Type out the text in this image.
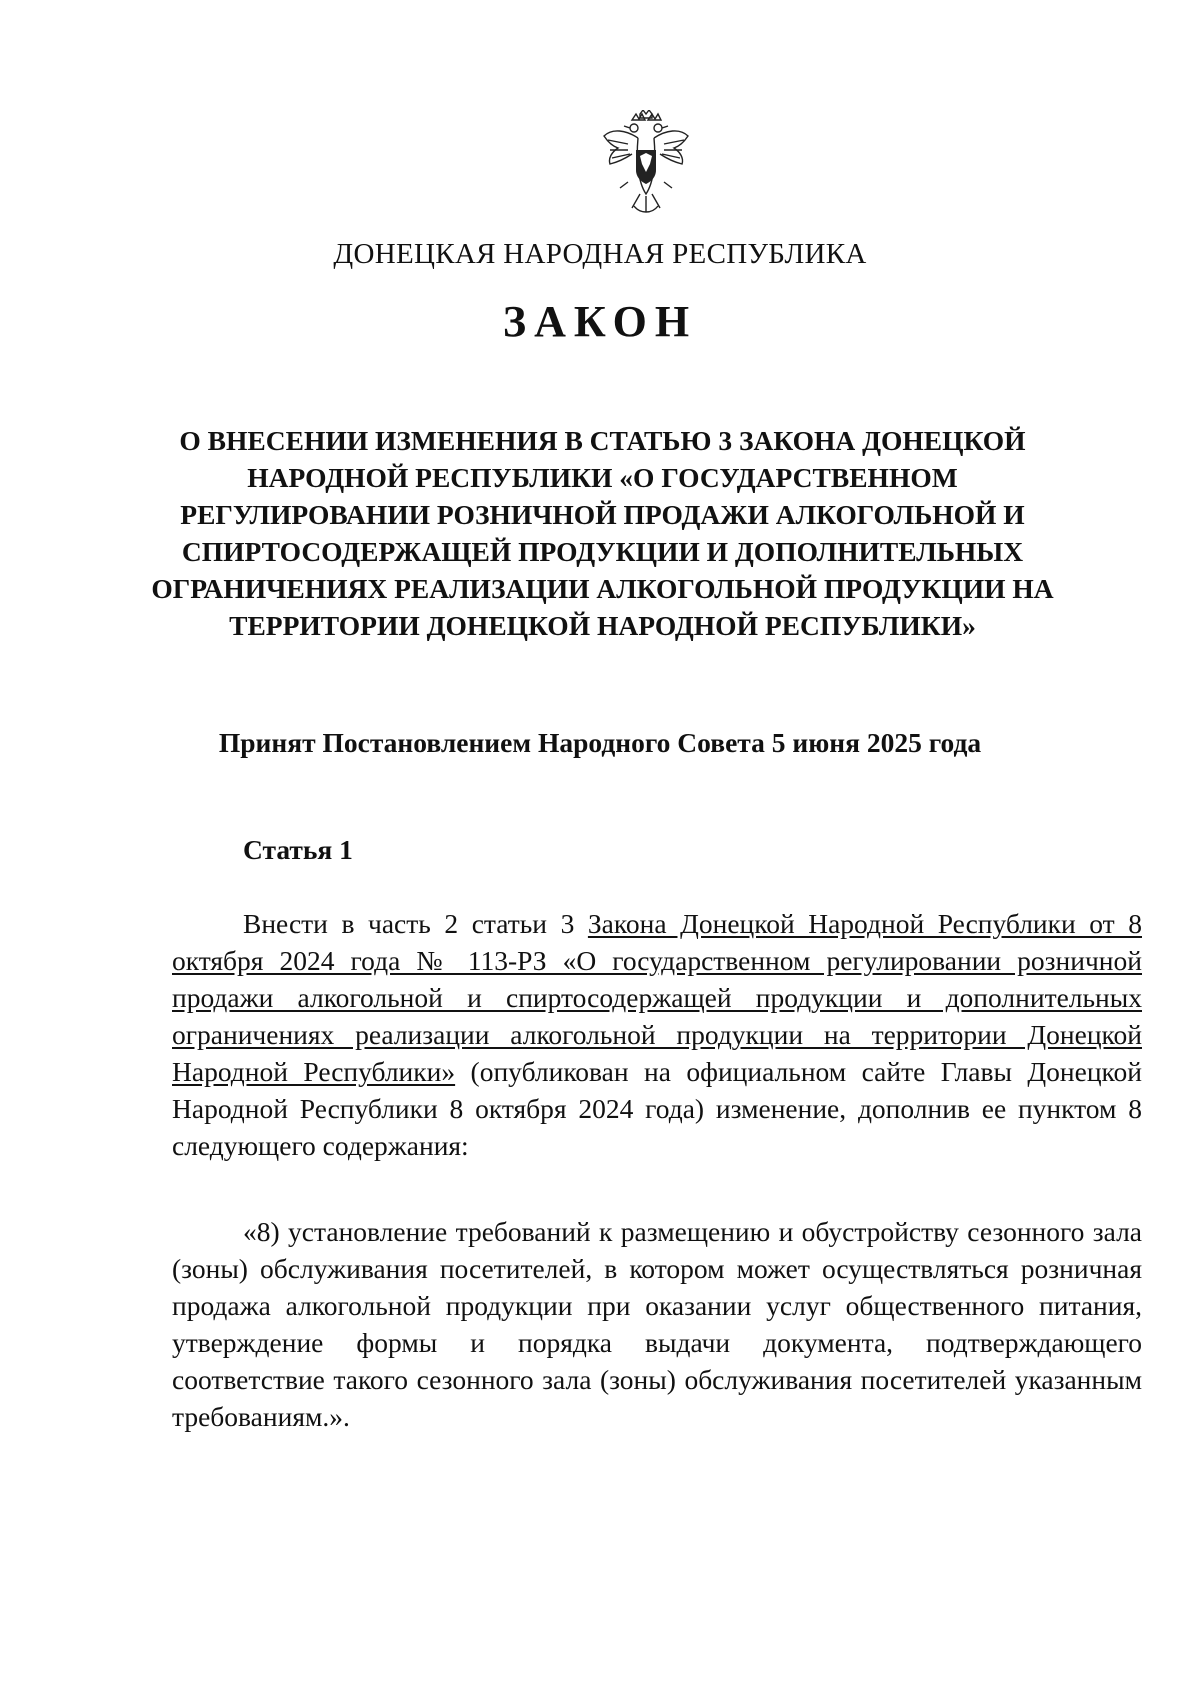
ДОНЕЦКАЯ НАРОДНАЯ РЕСПУБЛИКА
ЗАКОН

О ВНЕСЕНИИ ИЗМЕНЕНИЯ В СТАТЬЮ 3 ЗАКОНА ДОНЕЦКОЙ НАРОДНОЙ РЕСПУБЛИКИ «О ГОСУДАРСТВЕННОМ РЕГУЛИРОВАНИИ РОЗНИЧНОЙ ПРОДАЖИ АЛКОГОЛЬНОЙ И СПИРТОСОДЕРЖАЩЕЙ ПРОДУКЦИИ И ДОПОЛНИТЕЛЬНЫХ ОГРАНИЧЕНИЯХ РЕАЛИЗАЦИИ АЛКОГОЛЬНОЙ ПРОДУКЦИИ НА ТЕРРИТОРИИ ДОНЕЦКОЙ НАРОДНОЙ РЕСПУБЛИКИ»

Принят Постановлением Народного Совета 5 июня 2025 года
Статья 1

Внести в часть 2 статьи 3 Закона Донецкой Народной Республики от 8 октября 2024 года № 113-РЗ «О государственном регулировании розничной продажи алкогольной и спиртосодержащей продукции и дополнительных ограничениях реализации алкогольной продукции на территории Донецкой Народной Республики» (опубликован на официальном сайте Главы Донецкой Народной Республики 8 октября 2024 года) изменение, дополнив ее пунктом 8 следующего содержания:

«8) установление требований к размещению и обустройству сезонного зала (зоны) обслуживания посетителей, в котором может осуществляться розничная продажа алкогольной продукции при оказании услуг общественного питания, утверждение формы и порядка выдачи документа, подтверждающего соответствие такого сезонного зала (зоны) обслуживания посетителей указанным требованиям.».
